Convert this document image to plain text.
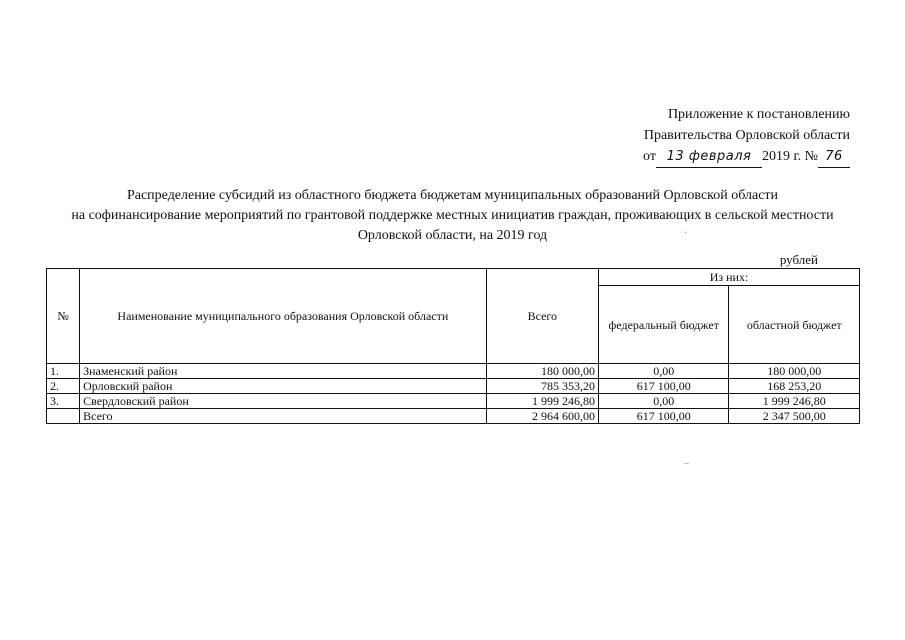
Приложение к постановлению
Правительства Орловской области
от 13 февраля 2019 г. № 76
Распределение субсидий из областного бюджета бюджетам муниципальных образований Орловской области
на софинансирование мероприятий по грантовой поддержке местных инициатив граждан, проживающих в сельской местности
Орловской области, на 2019 год
рублей
№	Наименование муниципального образования Орловской области	Всего	Из них:	
			федеральный бюджет	областной бюджет
1.	Знаменский район	180 000,00	0,00	180 000,00
2.	Орловский район	785 353,20	617 100,00	168 253,20
3.	Свердловский район	1 999 246,80	0,00	1 999 246,80
	Всего	2 964 600,00	617 100,00	2 347 500,00
·
–
